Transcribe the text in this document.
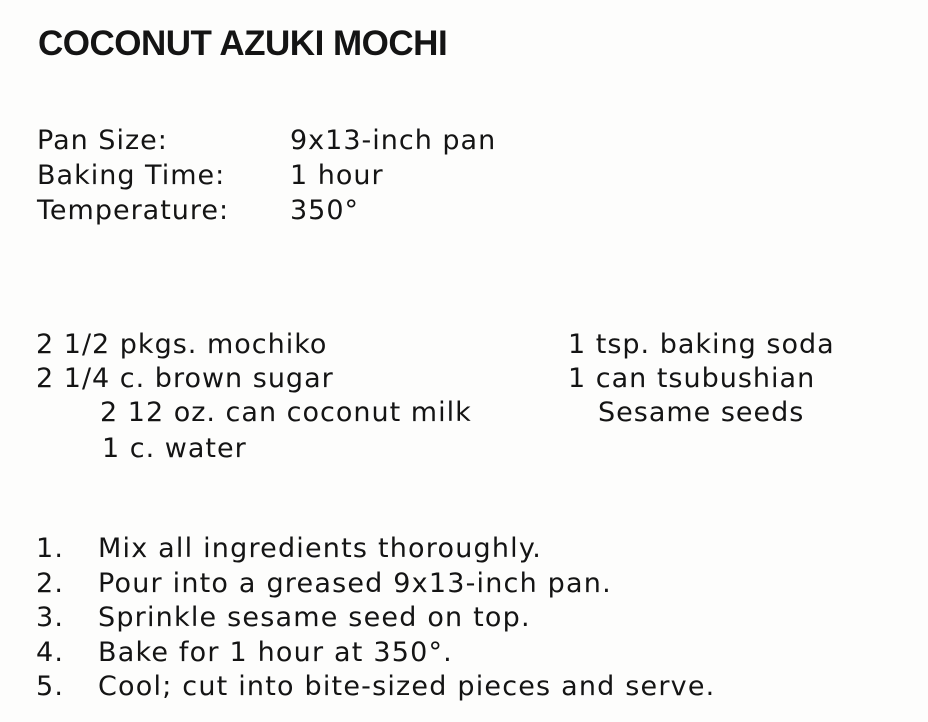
COCONUT AZUKI MOCHI
Pan Size:	9x13-inch pan
Baking Time: 1 hour
Temperature: 350°
2 1/2 pkgs. mochiko
2 1/4 c. brown sugar
2 12 oz. can coconut milk
1 c. water
1 tsp. baking soda
1 can tsubushian
Sesame seeds
1. Mix all ingredients thoroughly.
2. Pour into a greased 9x13-inch pan.
3. Sprinkle sesame seed on top.
4. Bake for 1 hour at 350°.
5. Cool; cut into bite-sized pieces and serve.
